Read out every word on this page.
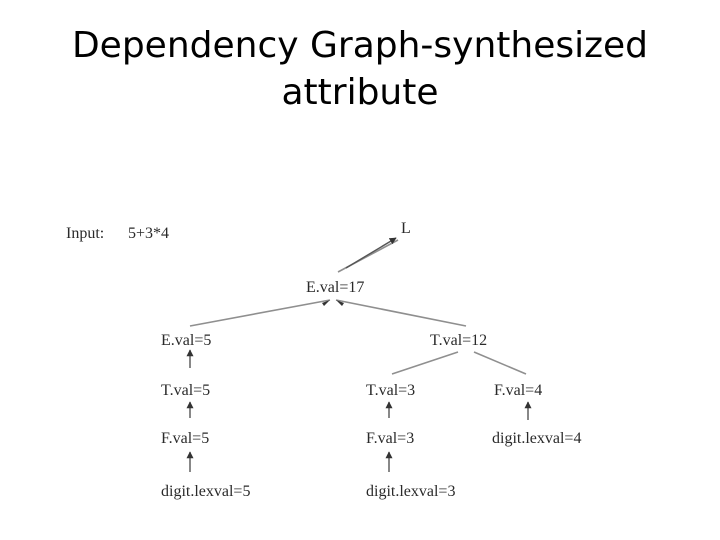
Dependency Graph-synthesized
attribute
Input: 5+3*4	L
E.val=17
E.val=5	T.val=12
T.val=5	T.val=3	F.val=4
F.val=5	F.val=3	digit.lexval=4
digit.lexval=5	digit.lexval=3
